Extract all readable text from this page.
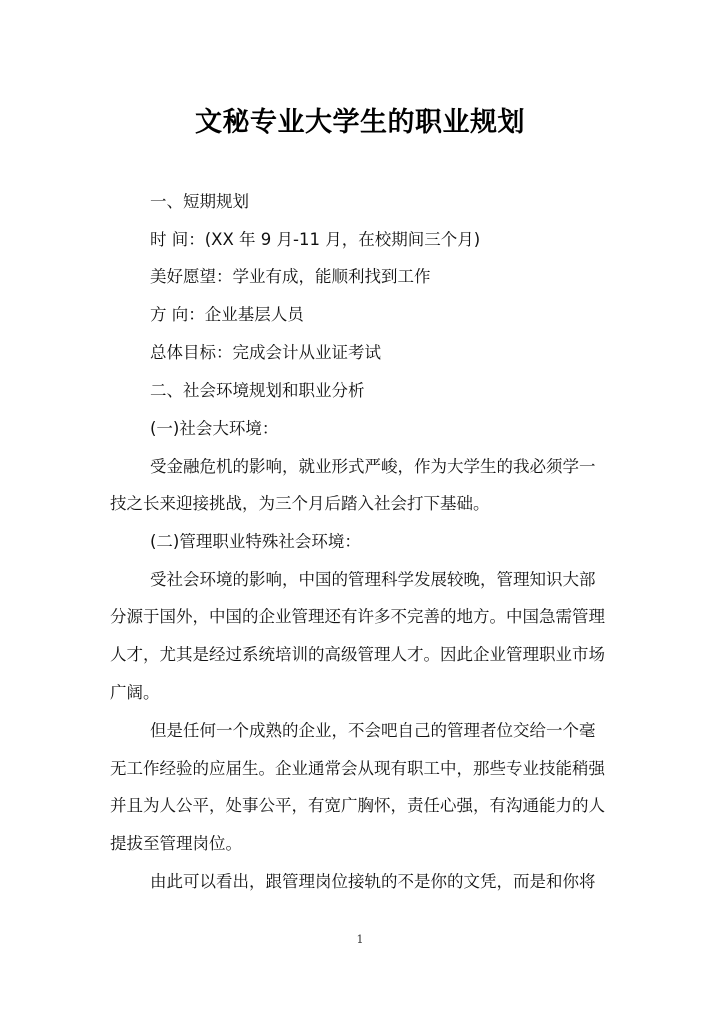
文秘专业大学生的职业规划
一、短期规划
时 间：(XX 年 9 月-11 月，在校期间三个月)
美好愿望：学业有成，能顺利找到工作
方 向：企业基层人员
总体目标：完成会计从业证考试
二、社会环境规划和职业分析
(一)社会大环境：
受金融危机的影响，就业形式严峻，作为大学生的我必须学一
技之长来迎接挑战，为三个月后踏入社会打下基础。
(二)管理职业特殊社会环境：
受社会环境的影响，中国的管理科学发展较晚，管理知识大部
分源于国外，中国的企业管理还有许多不完善的地方。中国急需管理
人才，尤其是经过系统培训的高级管理人才。因此企业管理职业市场
广阔。
但是任何一个成熟的企业，不会吧自己的管理者位交给一个毫
无工作经验的应届生。企业通常会从现有职工中，那些专业技能稍强
并且为人公平，处事公平，有宽广胸怀，责任心强，有沟通能力的人
提拔至管理岗位。
由此可以看出，跟管理岗位接轨的不是你的文凭，而是和你将
1
